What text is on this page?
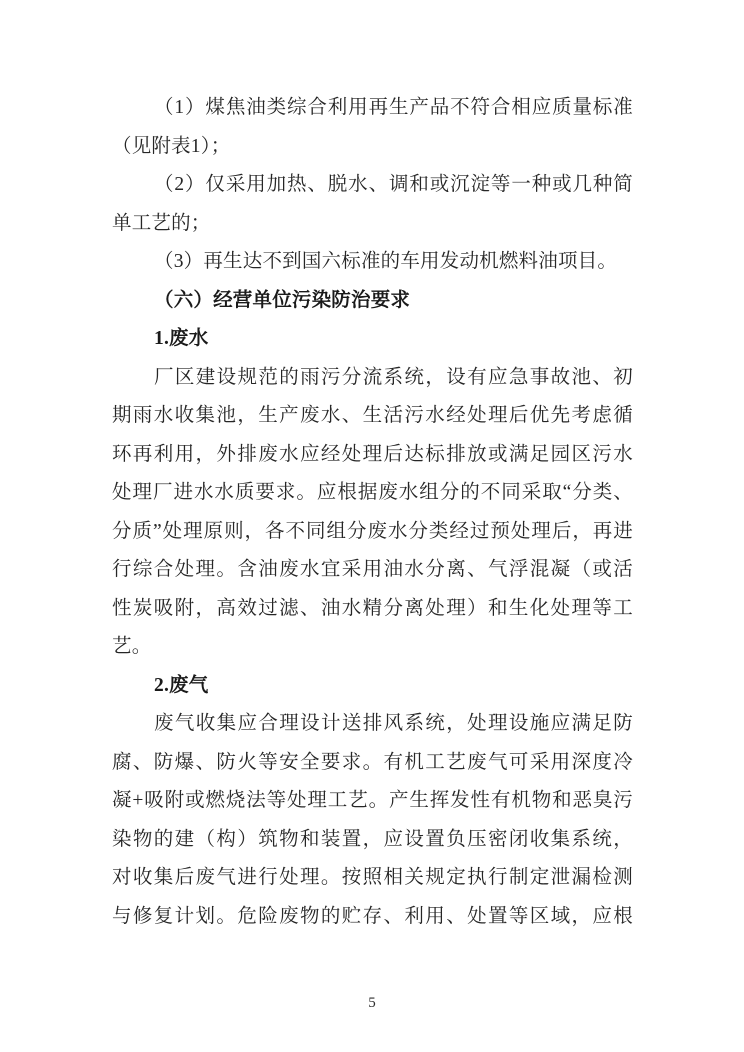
（1）煤焦油类综合利用再生产品不符合相应质量标准
（见附表1）；
（2）仅采用加热、脱水、调和或沉淀等一种或几种简
单工艺的；
（3）再生达不到国六标准的车用发动机燃料油项目。
（六）经营单位污染防治要求
1.废水
厂区建设规范的雨污分流系统，设有应急事故池、初
期雨水收集池，生产废水、生活污水经处理后优先考虑循
环再利用，外排废水应经处理后达标排放或满足园区污水
处理厂进水水质要求。应根据废水组分的不同采取“分类、
分质”处理原则，各不同组分废水分类经过预处理后，再进
行综合处理。含油废水宜采用油水分离、气浮混凝（或活
性炭吸附，高效过滤、油水精分离处理）和生化处理等工
艺。
2.废气
废气收集应合理设计送排风系统，处理设施应满足防
腐、防爆、防火等安全要求。有机工艺废气可采用深度冷
凝+吸附或燃烧法等处理工艺。产生挥发性有机物和恶臭污
染物的建（构）筑物和装置，应设置负压密闭收集系统，
对收集后废气进行处理。按照相关规定执行制定泄漏检测
与修复计划。危险废物的贮存、利用、处置等区域，应根
5
